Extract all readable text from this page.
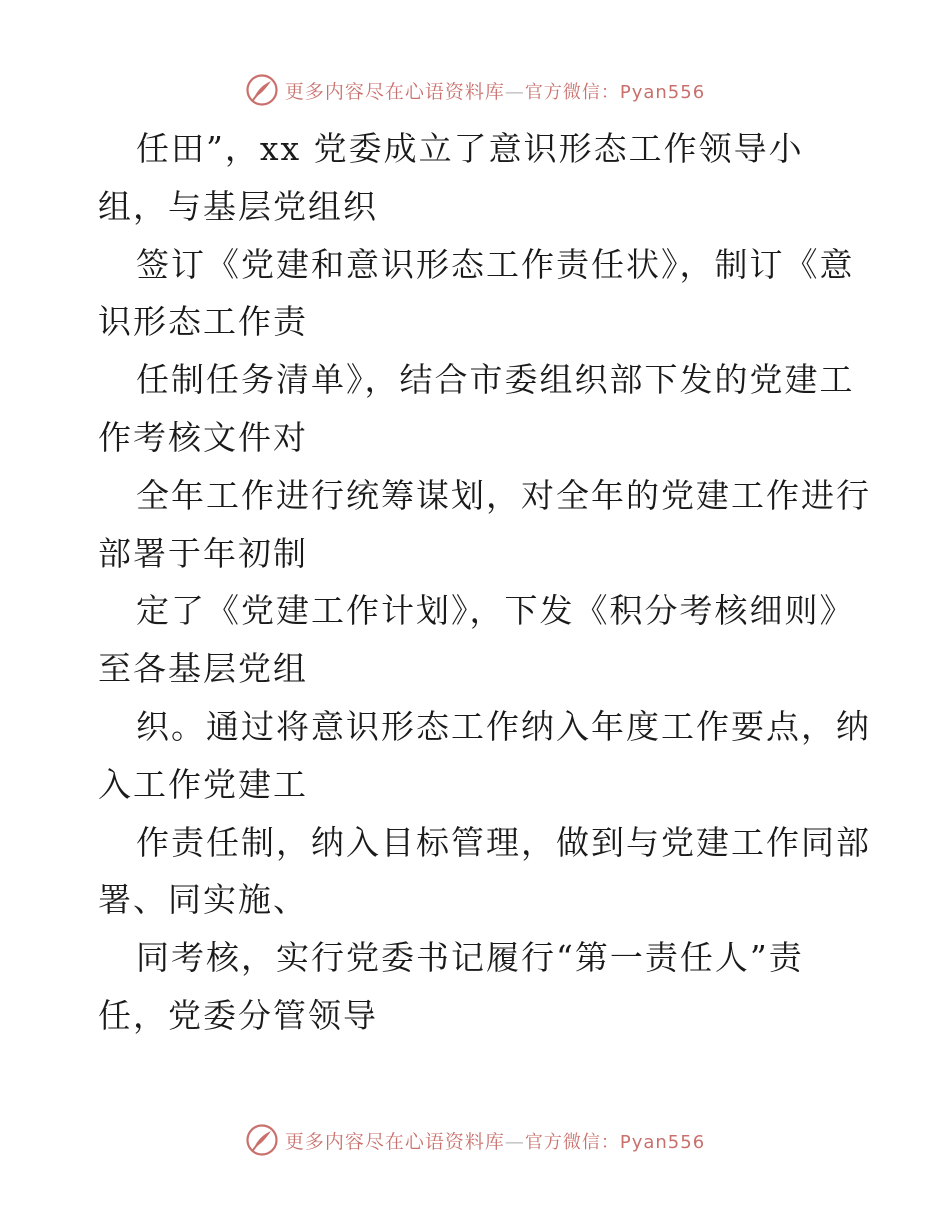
更多内容尽在心语资料库—官方微信：Pyan556
任田”，xx 党委成立了意识形态工作领导小
组，与基层党组织
签订《党建和意识形态工作责任状》，制订《意
识形态工作责
任制任务清单》，结合市委组织部下发的党建工
作考核文件对
全年工作进行统筹谋划，对全年的党建工作进行
部署于年初制
定了《党建工作计划》，下发《积分考核细则》
至各基层党组
织。通过将意识形态工作纳入年度工作要点，纳
入工作党建工
作责任制，纳入目标管理，做到与党建工作同部
署、同实施、
同考核，实行党委书记履行“第一责任人”责
任，党委分管领导
更多内容尽在心语资料库—官方微信：Pyan556
